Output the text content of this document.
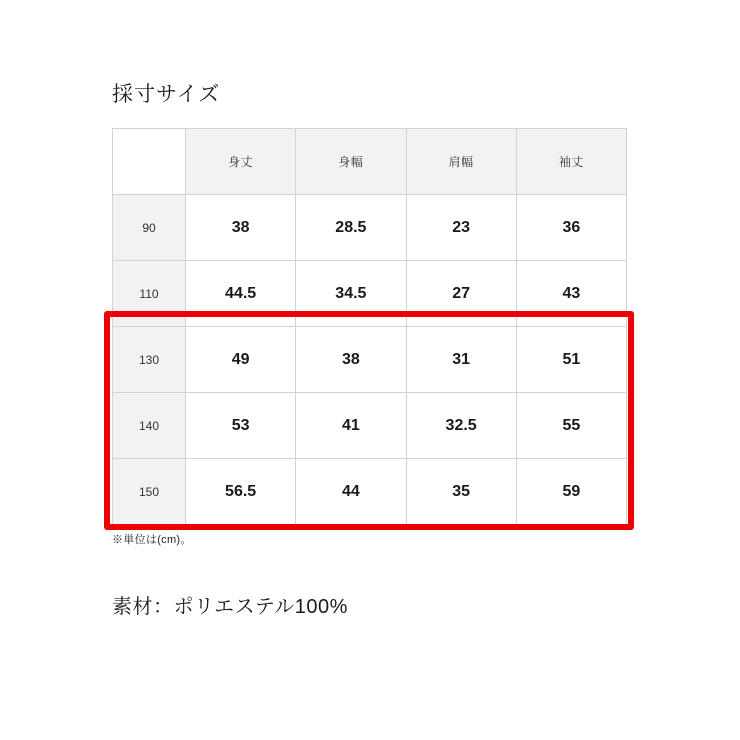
採寸サイズ
	身丈	身幅	肩幅	袖丈
90	38	28.5	23	36
110	44.5	34.5	27	43
130	49	38	31	51
140	53	41	32.5	55
150	56.5	44	35	59
※単位は(cm)。
素材：ポリエステル100%
